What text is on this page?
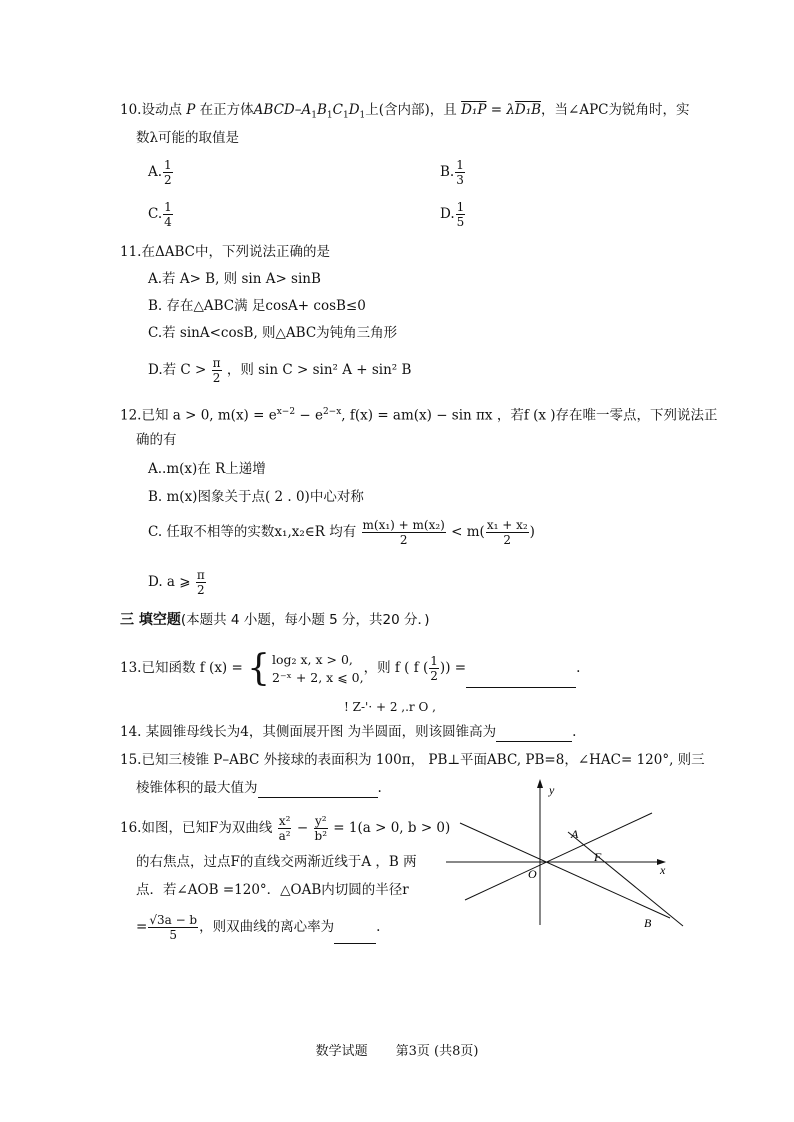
10.设动点 P 在正方体ABCD–$A_1B_1C_1D_1$上(含内部)，且 D₁P = λD₁B，当∠APC为锐角时，实
数λ可能的取值是
A. $\frac{1}{2}$	B. $\frac{1}{3}$
C. $\frac{1}{4}$	D. $\frac{1}{5}$
11.在ΔABC中，下列说法正确的是
A.若 A> B, 则 sin A> sinB
B. 存在△ABC满 足cosA+ cosB≤0
C.若 sinA<cosB, 则△ABC为钝角三角形
D.若 $C > \frac{\pi}{2}$ ，则 sin C > sin² A + sin² B
12.已知 a > 0, $m(x) = e^{x-2} - e^{2-x}$, f(x) = am(x) − sin πx ，若f (x )存在唯一零点，下列说法正
确的有
A..m(x)在 R上递增
B. m(x)图象关于点( 2 . 0)中心对称
C. 任取不相等的实数x₁,x₂∈R 均有 $\frac{\text{m(x₁) + m(x₂)}}{2} < m( \frac{\text{x₁ + x₂}}{2}$ )
D. a ⩾ $\frac{\pi}{2}$
三 填空题(本题共 4 小题，每小题 5 分，共20 分．)
13.已知函数 f (x) = { log₂ x, x > 0,
2⁻ˣ + 2, x ⩽ 0,
，则 f ( f ( $\frac{1}{2}$ )) =	.
! Z-'· + 2 ,.r O ,
14. 某圆锥母线长为4，其侧面展开图 为半圆面，则该圆锥高为	.
15.已知三棱锥 P–ABC 外接球的表面积为 100π， PB⊥平面ABC, PB=8，∠HAC= 120°, 则三
棱锥体积的最大值为	.
16.如图，已知F为双曲线 $\frac{\text{x²}}{\text{a²}} - \frac{\text{y²}}{\text{b²}} = 1(a > 0$, b > 0)
的右焦点，过点F的直线交两渐近线于A ，B 两
点．若∠AOB =120°．△OAB内切圆的半径r
= $\frac{√3a - b}{5}$ ，则双曲线的离心率为	.
y
x
O
A
F
B
数学试题 第3页 (共8页)
